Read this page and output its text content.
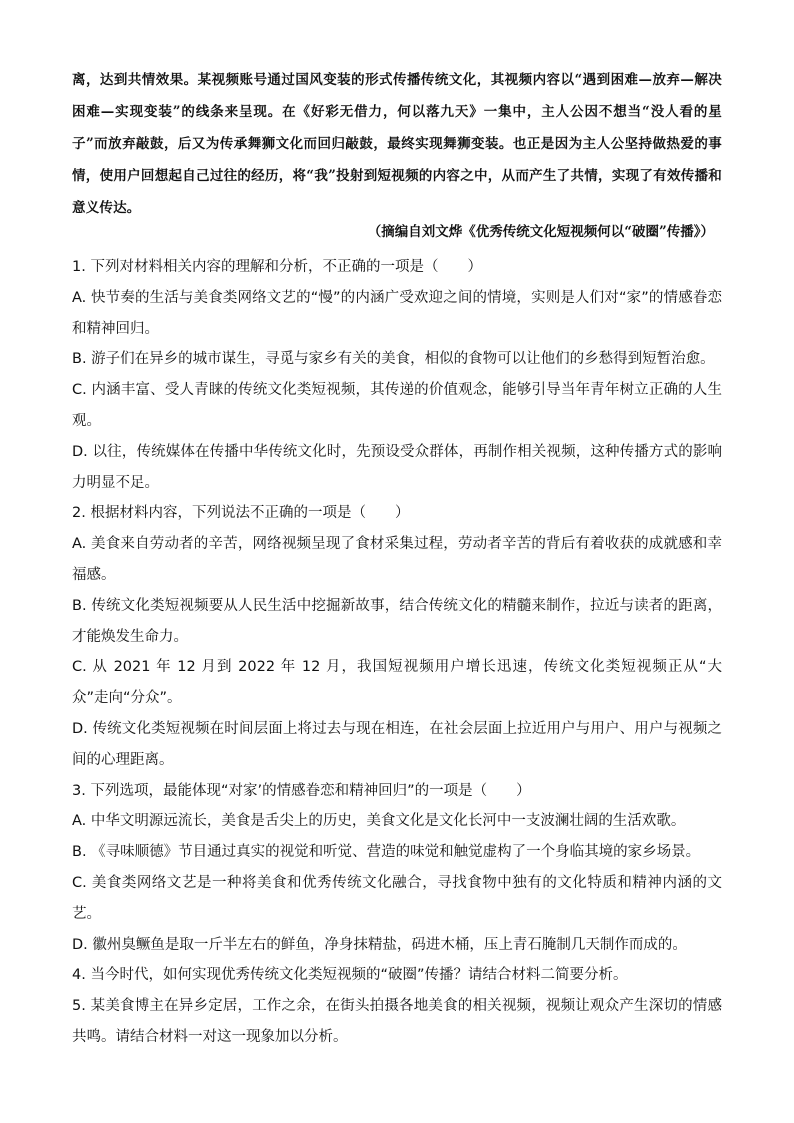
离，达到共情效果。某视频账号通过国风变装的形式传播传统文化，其视频内容以“遇到困难—放弃—解决困难—实现变装”的线条来呈现。在《好彩无借力，何以落九天》一集中，主人公因不想当“没人看的星子”而放弃敲鼓，后又为传承舞狮文化而回归敲鼓，最终实现舞狮变装。也正是因为主人公坚持做热爱的事情，使用户回想起自己过往的经历，将“我”投射到短视频的内容之中，从而产生了共情，实现了有效传播和意义传达。

（摘编自刘文烨《优秀传统文化短视频何以“破圈”传播》）

1. 下列对材料相关内容的理解和分析，不正确的一项是（　　）

A. 快节奏的生活与美食类网络文艺的“慢”的内涵广受欢迎之间的情境，实则是人们对“家”的情感眷恋和精神回归。

B. 游子们在异乡的城市谋生，寻觅与家乡有关的美食，相似的食物可以让他们的乡愁得到短暂治愈。

C. 内涵丰富、受人青睐的传统文化类短视频，其传递的价值观念，能够引导当年青年树立正确的人生观。

D. 以往，传统媒体在传播中华传统文化时，先预设受众群体，再制作相关视频，这种传播方式的影响力明显不足。

2. 根据材料内容，下列说法不正确的一项是（　　）

A. 美食来自劳动者的辛苦，网络视频呈现了食材采集过程，劳动者辛苦的背后有着收获的成就感和幸福感。

B. 传统文化类短视频要从人民生活中挖掘新故事，结合传统文化的精髓来制作，拉近与读者的距离，才能焕发生命力。

C. 从 2021 年 12 月到 2022 年 12 月，我国短视频用户增长迅速，传统文化类短视频正从“大 众”走向“分众”。

D. 传统文化类短视频在时间层面上将过去与现在相连，在社会层面上拉近用户与用户、用户与视频之间的心理距离。

3. 下列选项，最能体现“对家’的情感眷恋和精神回归”的一项是（　　）

A. 中华文明源远流长，美食是舌尖上的历史，美食文化是文化长河中一支波澜壮阔的生活欢歌。

B. 《寻味顺德》节目通过真实的视觉和听觉、营造的味觉和触觉虚构了一个身临其境的家乡场景。

C. 美食类网络文艺是一种将美食和优秀传统文化融合，寻找食物中独有的文化特质和精神内涵的文艺。

D. 徽州臭鳜鱼是取一斤半左右的鲜鱼，净身抹精盐，码进木桶，压上青石腌制几天制作而成的。

4. 当今时代，如何实现优秀传统文化类短视频的“破圈”传播？请结合材料二简要分析。

5. 某美食博主在异乡定居，工作之余，在街头拍摄各地美食的相关视频，视频让观众产生深切的情感共鸣。请结合材料一对这一现象加以分析。
